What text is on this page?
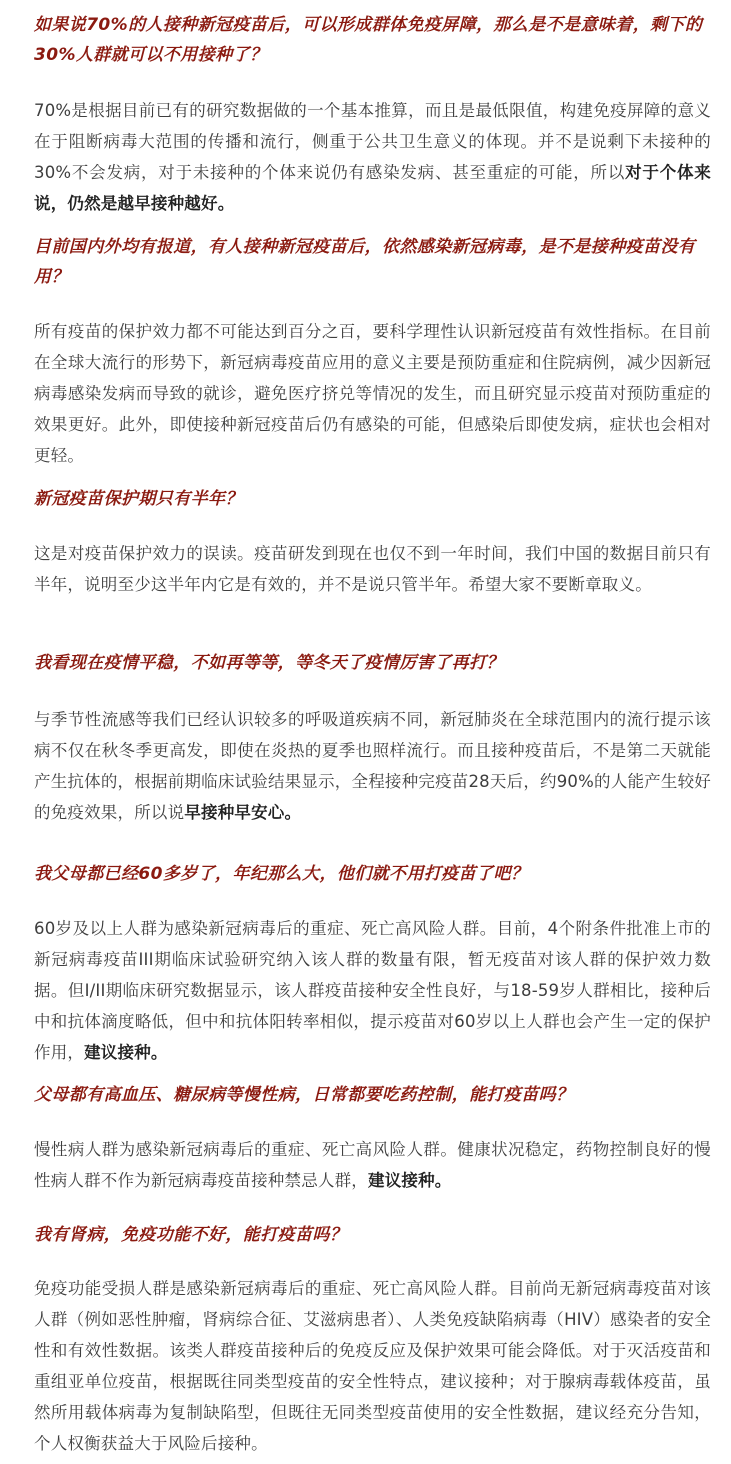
如果说70%的人接种新冠疫苗后，可以形成群体免疫屏障，那么是不是意味着，剩下的30%人群就可以不用接种了？

70%是根据目前已有的研究数据做的一个基本推算，而且是最低限值，构建免疫屏障的意义在于阻断病毒大范围的传播和流行，侧重于公共卫生意义的体现。并不是说剩下未接种的30%不会发病，对于未接种的个体来说仍有感染发病、甚至重症的可能，所以对于个体来说，仍然是越早接种越好。

目前国内外均有报道，有人接种新冠疫苗后，依然感染新冠病毒，是不是接种疫苗没有用？

所有疫苗的保护效力都不可能达到百分之百，要科学理性认识新冠疫苗有效性指标。在目前在全球大流行的形势下，新冠病毒疫苗应用的意义主要是预防重症和住院病例，减少因新冠病毒感染发病而导致的就诊，避免医疗挤兑等情况的发生，而且研究显示疫苗对预防重症的效果更好。此外，即使接种新冠疫苗后仍有感染的可能，但感染后即使发病，症状也会相对更轻。

新冠疫苗保护期只有半年？

这是对疫苗保护效力的误读。疫苗研发到现在也仅不到一年时间，我们中国的数据目前只有半年，说明至少这半年内它是有效的，并不是说只管半年。希望大家不要断章取义。

我看现在疫情平稳，不如再等等，等冬天了疫情厉害了再打？

与季节性流感等我们已经认识较多的呼吸道疾病不同，新冠肺炎在全球范围内的流行提示该病不仅在秋冬季更高发，即使在炎热的夏季也照样流行。而且接种疫苗后，不是第二天就能产生抗体的，根据前期临床试验结果显示，全程接种完疫苗28天后，约90%的人能产生较好的免疫效果，所以说早接种早安心。

我父母都已经60多岁了，年纪那么大，他们就不用打疫苗了吧？

60岁及以上人群为感染新冠病毒后的重症、死亡高风险人群。目前，4个附条件批准上市的新冠病毒疫苗III期临床试验研究纳入该人群的数量有限，暂无疫苗对该人群的保护效力数据。但I/II期临床研究数据显示，该人群疫苗接种安全性良好，与18-59岁人群相比，接种后中和抗体滴度略低，但中和抗体阳转率相似，提示疫苗对60岁以上人群也会产生一定的保护作用，建议接种。

父母都有高血压、糖尿病等慢性病，日常都要吃药控制，能打疫苗吗？

慢性病人群为感染新冠病毒后的重症、死亡高风险人群。健康状况稳定，药物控制良好的慢性病人群不作为新冠病毒疫苗接种禁忌人群，建议接种。

我有肾病，免疫功能不好，能打疫苗吗？

免疫功能受损人群是感染新冠病毒后的重症、死亡高风险人群。目前尚无新冠病毒疫苗对该人群（例如恶性肿瘤，肾病综合征、艾滋病患者）、人类免疫缺陷病毒（HIV）感染者的安全性和有效性数据。该类人群疫苗接种后的免疫反应及保护效果可能会降低。对于灭活疫苗和重组亚单位疫苗，根据既往同类型疫苗的安全性特点，建议接种；对于腺病毒载体疫苗，虽然所用载体病毒为复制缺陷型，但既往无同类型疫苗使用的安全性数据，建议经充分告知，个人权衡获益大于风险后接种。
